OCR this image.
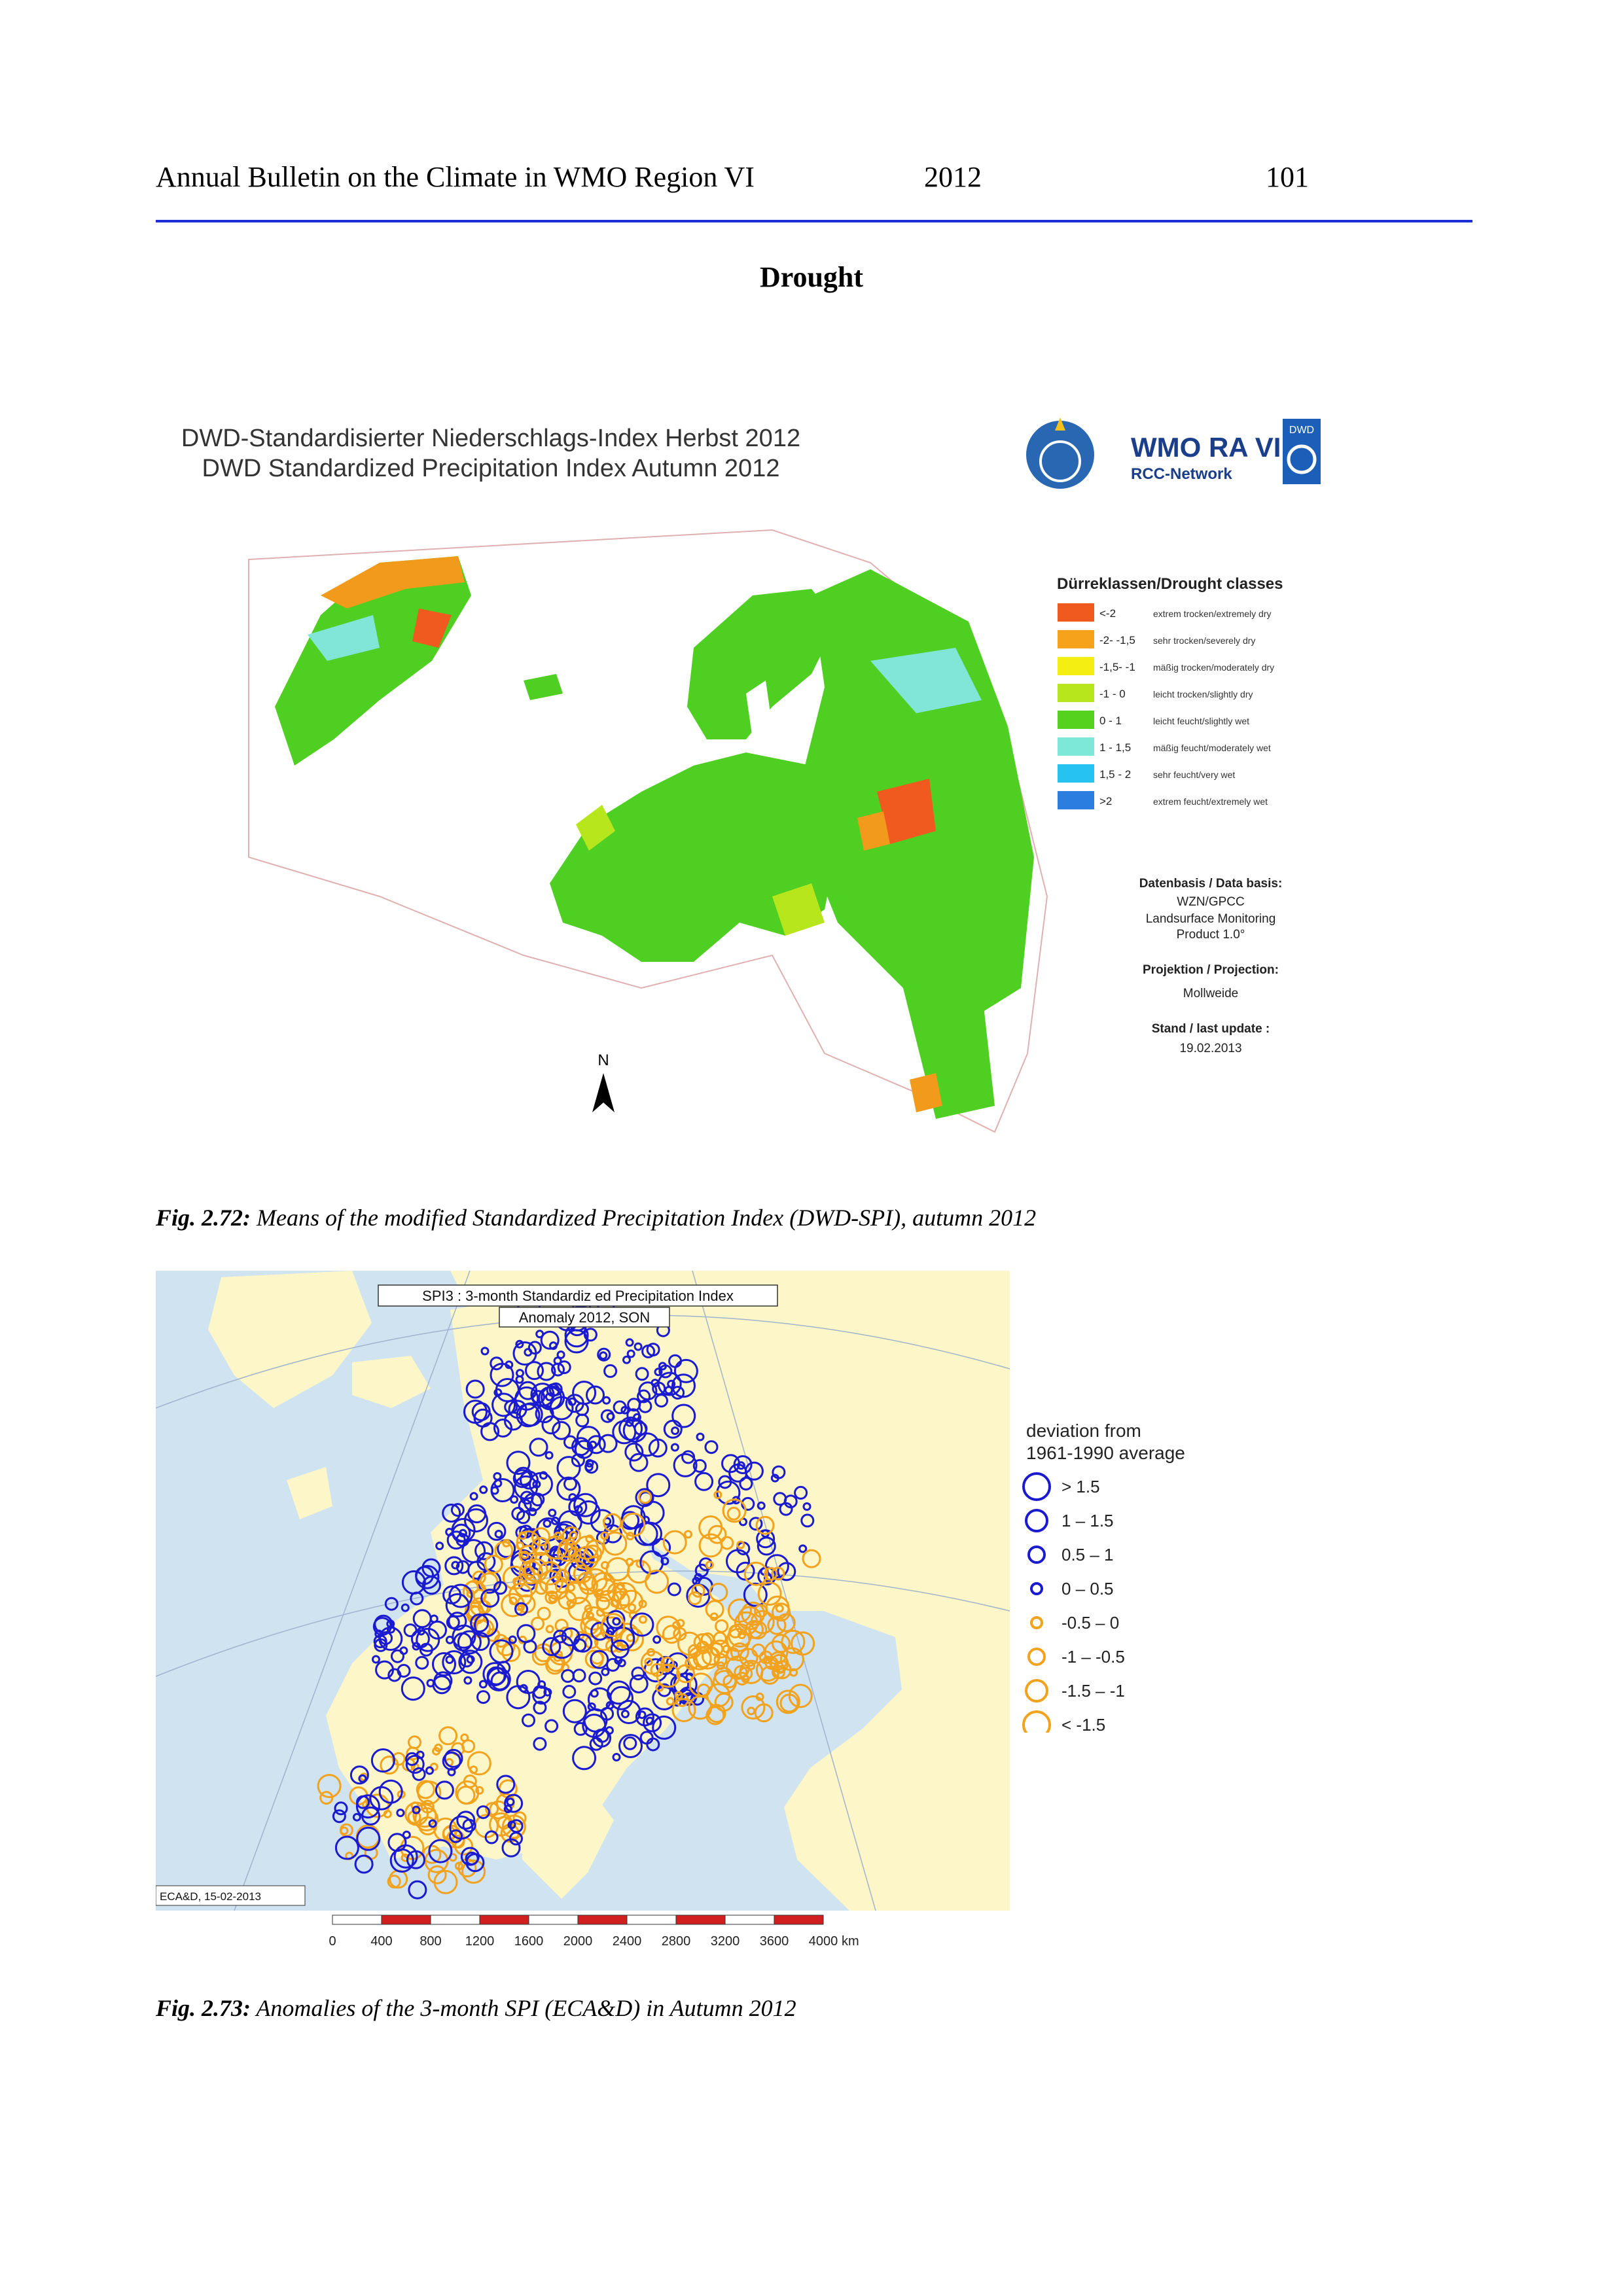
Annual Bulletin on the Climate in WMO Region VI	2012	101
Drought
DWD-Standardisierter Niederschlags-Index Herbst 2012
DWD Standardized Precipitation Index Autumn 2012
WMO RA VI
RCC-Network
DWD
N
Dürreklassen/Drought classes
<-2	extrem trocken/extremely dry
-2- -1,5 sehr trocken/severely dry
-1,5- -1 mäßig trocken/moderately dry
-1 - 0	leicht trocken/slightly dry
0 - 1	leicht feucht/slightly wet
1 - 1,5 mäßig feucht/moderately wet
1,5 - 2 sehr feucht/very wet
>2	extrem feucht/extremely wet
Datenbasis / Data basis:
WZN/GPCC
Landsurface Monitoring
Product 1.0°
Projektion / Projection:
Mollweide
Stand / last update :
19.02.2013
Fig. 2.72: Means of the modified Standardized Precipitation Index (DWD-SPI), autumn 2012
SPI3 : 3-month Standardiz ed Precipitation Index
Anomaly 2012, SON
ECA&D, 15-02-2013
deviation from
1961-1990 average
> 1.5
1 – 1.5
0.5 – 1
0 – 0.5
-0.5 – 0
-1 – -0.5
-1.5 – -1
< -1.5
0	400 800 1200 1600 2000 2400 2800 3200 3600 4000 km
Fig. 2.73: Anomalies of the 3-month SPI (ECA&D) in Autumn 2012
